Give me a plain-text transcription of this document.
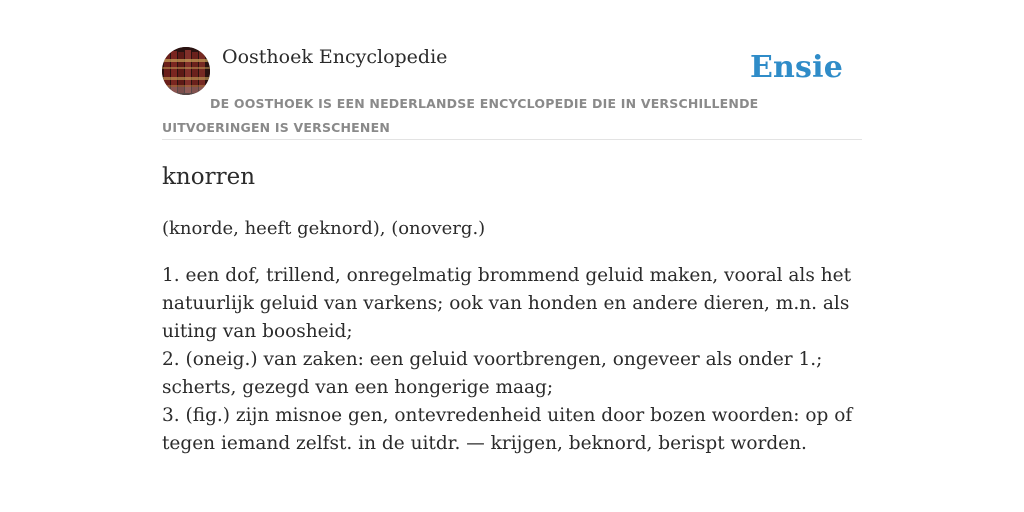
Oosthoek Encyclopedie	Ensie
DE OOSTHOEK IS EEN NEDERLANDSE ENCYCLOPEDIE DIE IN VERSCHILLENDE UITVOERINGEN IS VERSCHENEN
knorren
(knorde, heeft geknord), (onoverg.)
1. een dof, trillend, onregelmatig brommend geluid maken, vooral als het natuurlijk geluid van varkens; ook van honden en andere dieren, m.n. als uiting van boosheid;
2. (oneig.) van zaken: een geluid voortbrengen, ongeveer als onder 1.; scherts, gezegd van een hongerige maag;
3. (fig.) zijn misnoe gen, ontevredenheid uiten door bozen woorden: op of tegen iemand zelfst. in de uitdr. — krijgen, beknord, berispt worden.
